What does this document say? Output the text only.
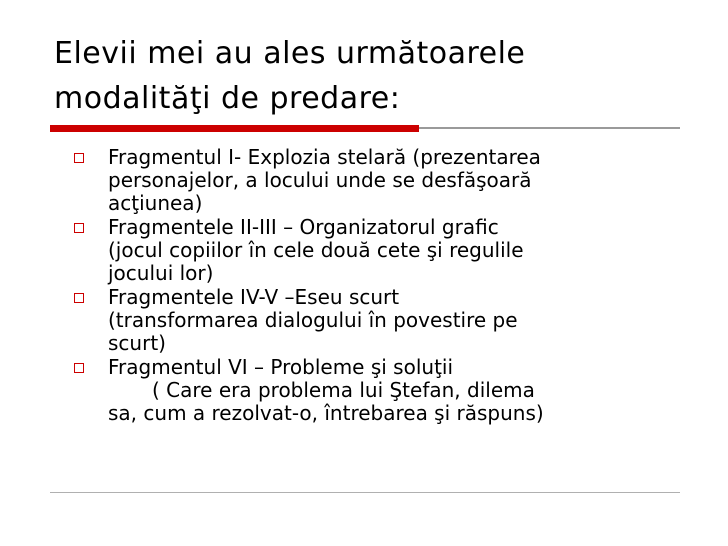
Elevii mei au ales următoarele
modalităţi de predare:
Fragmentul I- Explozia stelară (prezentarea
personajelor, a locului unde se desfăşoară
acţiunea)
Fragmentele II-III – Organizatorul grafic
(jocul copiilor în cele două cete şi regulile
jocului lor)
Fragmentele IV-V –Eseu scurt
(transformarea dialogului în povestire pe
scurt)
Fragmentul VI – Probleme şi soluţii
( Care era problema lui Ştefan, dilema
sa, cum a rezolvat-o, întrebarea şi răspuns)
